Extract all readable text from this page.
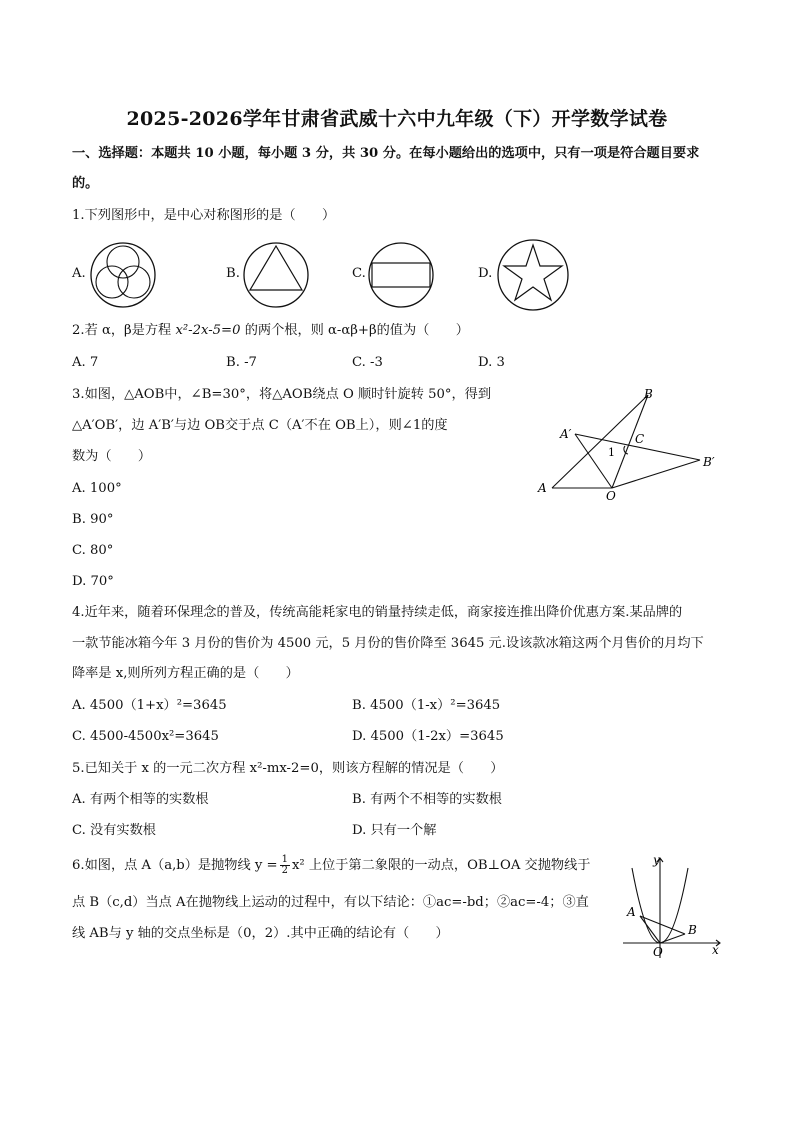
2025-2026学年甘肃省武威十六中九年级（下）开学数学试卷
一、选择题：本题共 10 小题，每小题 3 分，共 30 分。在每小题给出的选项中，只有一项是符合题目要求
的。
1.下列图形中，是中心对称图形的是（　　）
A.	B.	C.	D.
2.若 α，β是方程 x²-2x-5=0 的两个根，则 α-αβ+β的值为（　　）
A. 7	B. -7	C. -3	D. 3
3.如图，△AOB中，∠B=30°，将△AOB绕点 O 顺时针旋转 50°，得到
△A′OB′，边 A′B′与边 OB交于点 C（A′不在 OB上），则∠1的度
数为（　　）
A. 100°
B. 90°
C. 80°
D. 70°
B
A′	C
1
B′
A
O
4.近年来，随着环保理念的普及，传统高能耗家电的销量持续走低，商家接连推出降价优惠方案.某品牌的
一款节能冰箱今年 3 月份的售价为 4500 元，5 月份的售价降至 3645 元.设该款冰箱这两个月售价的月均下
降率是 x,则所列方程正确的是（　　）
A. 4500（1+x）²=3645	B. 4500（1-x）²=3645
C. 4500-4500x²=3645	D. 4500（1-2x）=3645
5.已知关于 x 的一元二次方程 x²-mx-2=0，则该方程解的情况是（　　）
A. 有两个相等的实数根	B. 有两个不相等的实数根
C. 没有实数根	D. 只有一个解
6.如图，点 A（a,b）是抛物线 $y = \frac{1}{2} x^2$ 上位于第二象限的一动点，OB⊥OA 交抛物线于
点 B（c,d）当点 A在抛物线上运动的过程中，有以下结论：①ac=-bd；②ac=-4；③直
线 AB与 y 轴的交点坐标是（0，2）.其中正确的结论有（　　）
y
x
A
B
O
